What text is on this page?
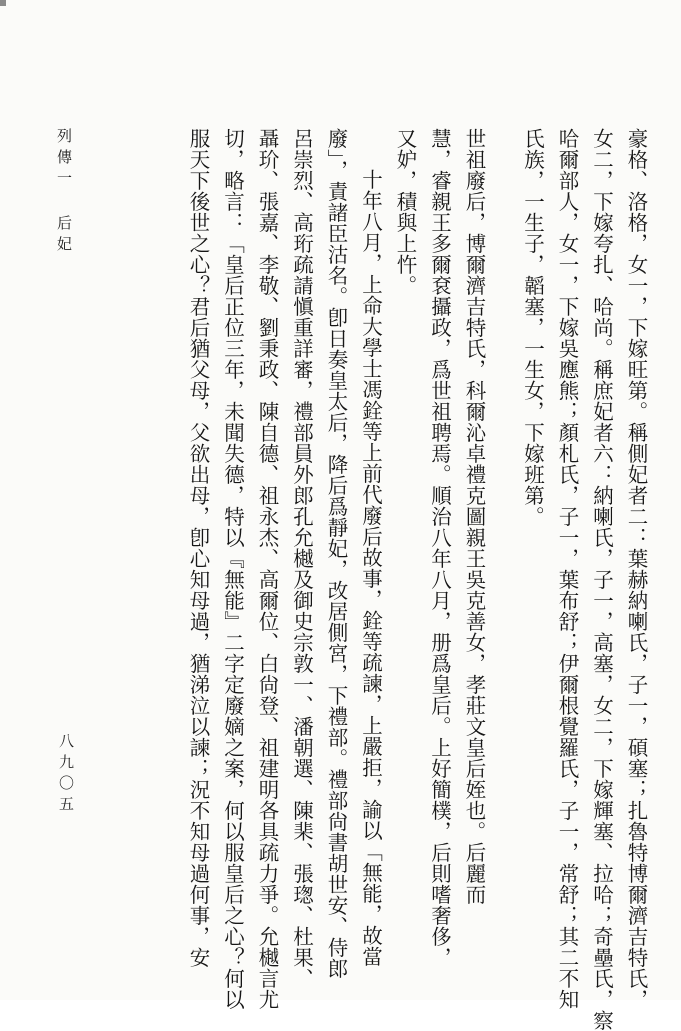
豪格、洛格，女一，下嫁旺第。稱側妃者二：葉赫納喇氏，子一，碩塞；扎魯特博爾濟吉特氏，
女二，下嫁夸扎、哈尚。稱庶妃者六：納喇氏，子一，高塞，女二，下嫁輝塞、拉哈；奇壘氏，察
哈爾部人，女一，下嫁吳應熊；顏札氏，子一，葉布舒；伊爾根覺羅氏，子一，常舒；其二不知
氏族，一生子，韜塞，一生女，下嫁班第。
世祖廢后，博爾濟吉特氏，科爾沁卓禮克圖親王吳克善女，孝莊文皇后姪也。后麗而
慧，睿親王多爾袞攝政，爲世祖聘焉。順治八年八月，册爲皇后。上好簡樸，后則嗜奢侈，
又妒，積與上忤。
十年八月，上命大學士馮銓等上前代廢后故事，銓等疏諫，上嚴拒，諭以「無能，故當
廢」，責諸臣沽名。卽日奏皇太后，降后爲靜妃，改居側宮，下禮部。禮部尙書胡世安、侍郎
呂崇烈、高珩疏請愼重詳審，禮部員外郎孔允樾及御史宗敦一、潘朝選、陳棐、張𤧚、杜果、
聶玠、張嘉、李敬、劉秉政、陳自德、祖永杰、高爾位、白尙登、祖建明各具疏力爭。允樾言尤
切，略言：「皇后正位三年，未聞失德，特以『無能』二字定廢嫡之案，何以服皇后之心？何以
服天下後世之心？君后猶父母，父欲出母，卽心知母過，猶涕泣以諫；況不知母過何事，安
列傳一后妃
八九〇五
